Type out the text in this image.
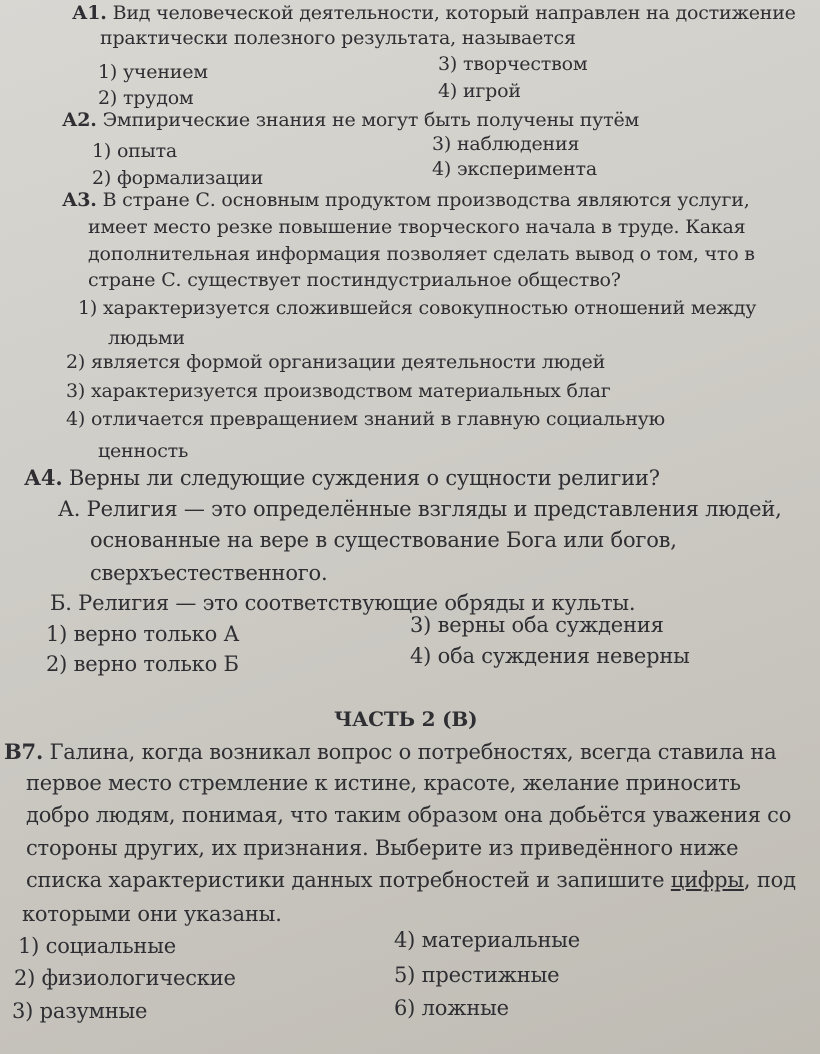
А1. Вид человеческой деятельности, который направлен на достижение
практически полезного результата, называется
1) учением	3) творчеством
2) трудом	4) игрой
А2. Эмпирические знания не могут быть получены путём
1) опыта	3) наблюдения
2) формализации	4) эксперимента
А3. В стране С. основным продуктом производства являются услуги,
имеет место резке повышение творческого начала в труде. Какая
дополнительная информация позволяет сделать вывод о том, что в
стране С. существует постиндустриальное общество?
1) характеризуется сложившейся совокупностью отношений между
людьми
2) является формой организации деятельности людей
3) характеризуется производством материальных благ
4) отличается превращением знаний в главную социальную
ценность
А4. Верны ли следующие суждения о сущности религии?
А. Религия — это определённые взгляды и представления людей,
основанные на вере в существование Бога или богов,
сверхъестественного.
Б. Религия — это соответствующие обряды и культы.
1) верно только А	3) верны оба суждения
2) верно только Б	4) оба суждения неверны
ЧАСТЬ 2 (В)
В7. Галина, когда возникал вопрос о потребностях, всегда ставила на
первое место стремление к истине, красоте, желание приносить
добро людям, понимая, что таким образом она добьётся уважения со
стороны других, их признания. Выберите из приведённого ниже
списка характеристики данных потребностей и запишите цифры, под
которыми они указаны.
1) социальные	4) материальные
2) физиологические	5) престижные
3) разумные	6) ложные
